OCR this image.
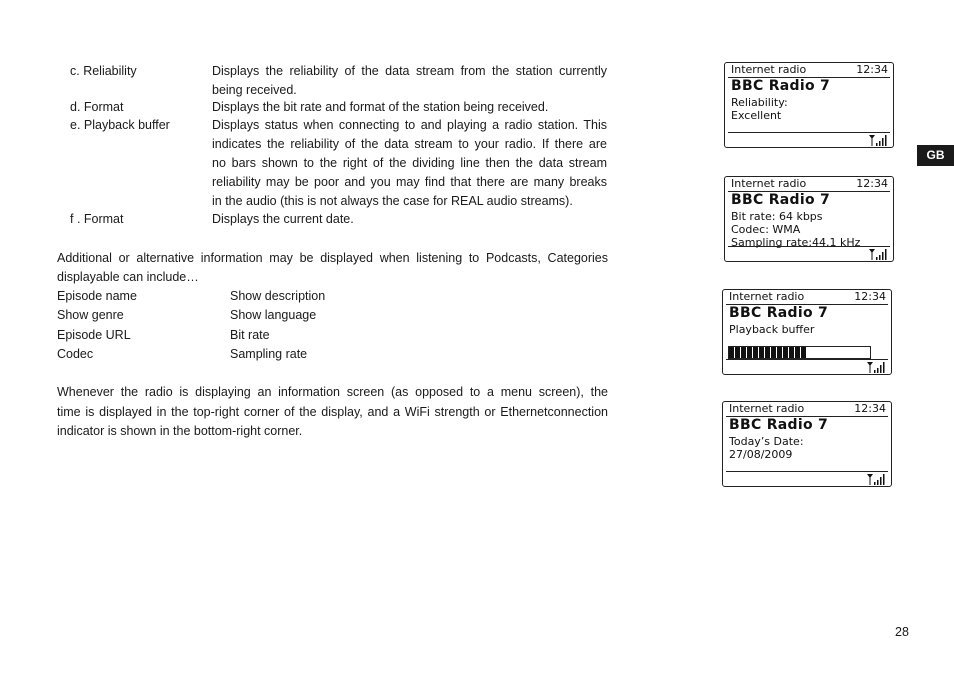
c. Reliability	Displays the reliability of the data stream from the station currently
being received.
d. Format	Displays the bit rate and format of the station being received.
e. Playback buffer	Displays status when connecting to and playing a radio station. This
indicates the reliability of the data stream to your radio. If there are
no bars shown to the right of the dividing line then the data stream
reliability may be poor and you may find that there are many breaks
in the audio (this is not always the case for REAL audio streams).
f . Format	Displays the current date.
Additional or alternative information may be displayed when listening to Podcasts, Categories
displayable can include…
Episode name	Show description
Show genre	Show language
Episode URL	Bit rate
Codec	Sampling rate
Whenever the radio is displaying an information screen (as opposed to a menu screen), the
time is displayed in the top-right corner of the display, and a WiFi strength or Ethernetconnection
indicator is shown in the bottom-right corner.
Internet radio	12:34
BBC Radio 7
Reliability:
Excellent
Internet radio	12:34
BBC Radio 7
Bit rate: 64 kbps
Codec: WMA
Sampling rate:44.1 kHz
Internet radio	12:34
BBC Radio 7
Playback buffer
Internet radio	12:34
BBC Radio 7
Today’s Date:
27/08/2009
GB
28
